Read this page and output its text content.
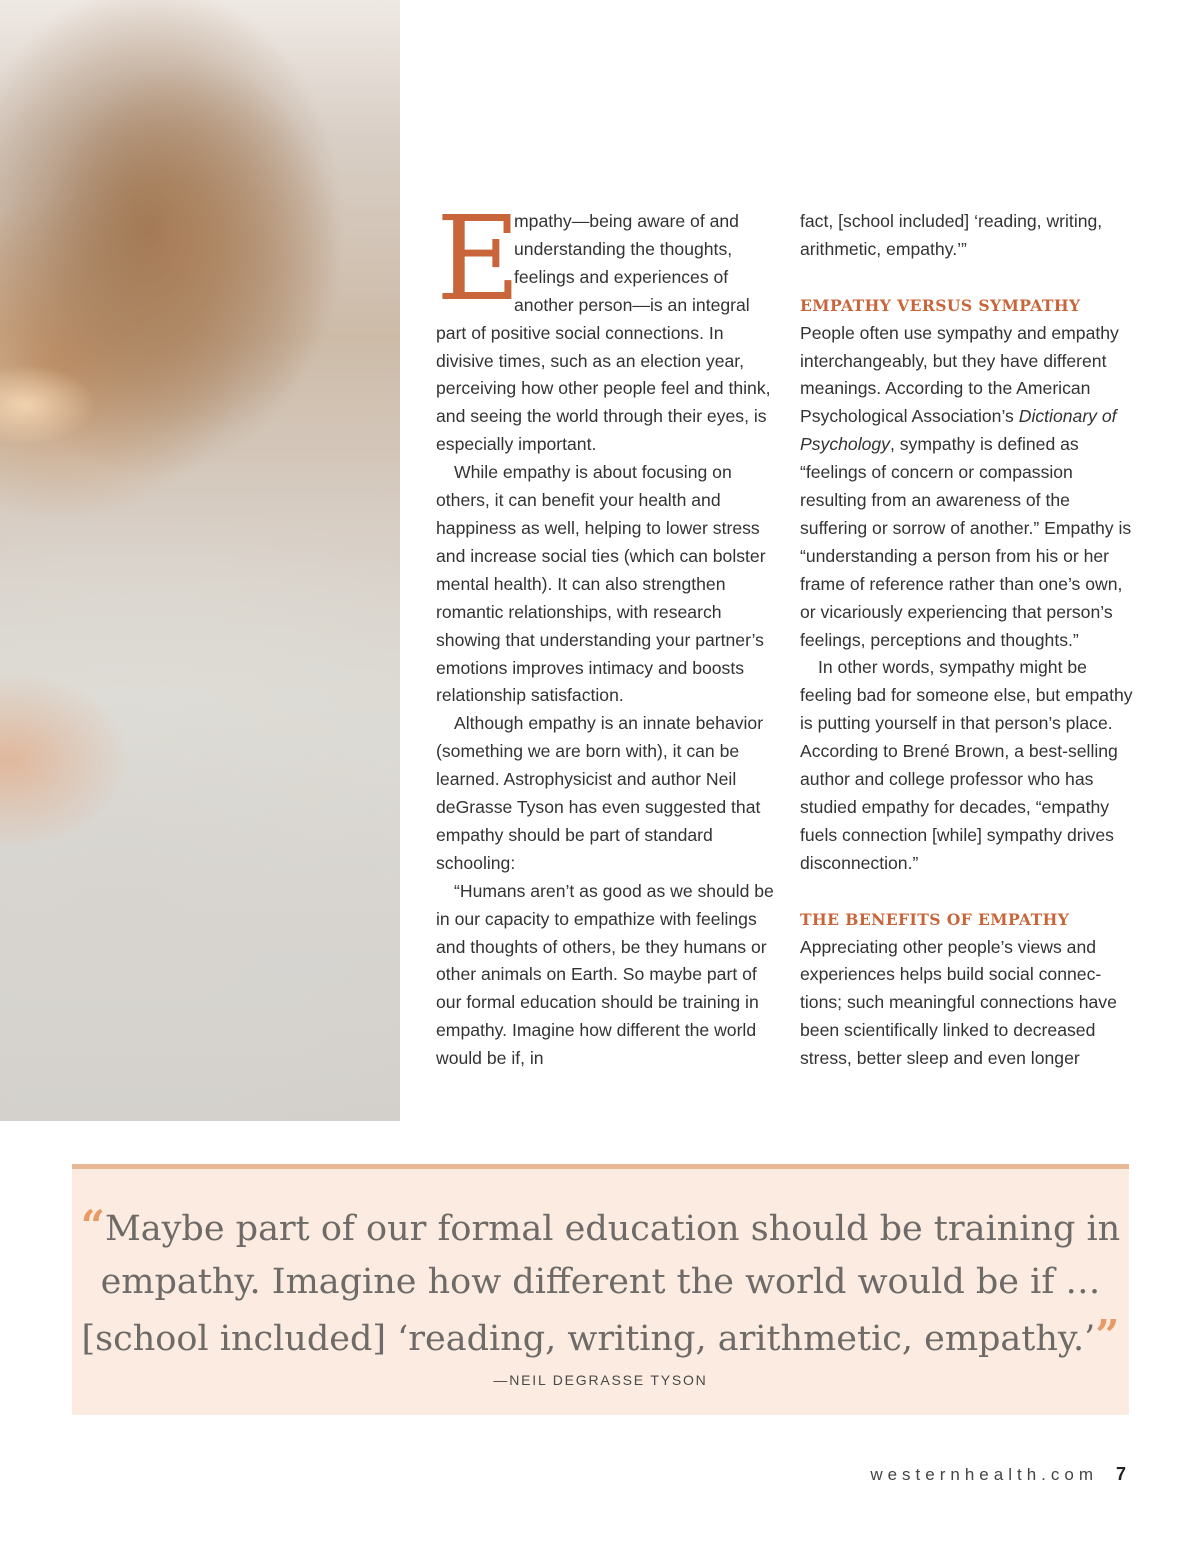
E
mpathy—being aware of and understanding the thoughts, feelings and experiences of another person—is an integral part of positive social connections. In divisive times, such as an election year, perceiving how other people feel and think, and seeing the world through their eyes, is especially important.

While empathy is about focusing on others, it can benefit your health and happiness as well, helping to lower stress and increase social ties (which can bolster mental health). It can also strengthen romantic relationships, with research showing that understanding your partner’s emotions improves intimacy and boosts relationship satisfaction.

Although empathy is an innate behavior (something we are born with), it can be learned. Astrophysicist and author Neil deGrasse Tyson has even suggested that empathy should be part of standard schooling:

“Humans aren’t as good as we should be in our capacity to empathize with feelings and thoughts of others, be they humans or other animals on Earth. So maybe part of our formal education should be training in empathy. Imagine how different the world would be if, in

fact, [school included] ‘reading, writing, arithmetic, empathy.’”

EMPATHY VERSUS SYMPATHY

People often use sympathy and empathy interchangeably, but they have different meanings. According to the American Psychological Association’s Dictionary of Psychology, sympathy is defined as “feelings of concern or compassion resulting from an awareness of the suffering or sorrow of another.” Empathy is “understanding a person from his or her frame of reference rather than one’s own, or vicariously experiencing that person’s feelings, perceptions and thoughts.”

In other words, sympathy might be feeling bad for someone else, but empathy is putting yourself in that person’s place. According to Brené Brown, a best-selling author and college professor who has studied empathy for decades, “empathy fuels connection [while] sympathy drives disconnection.”

THE BENEFITS OF EMPATHY

Appreciating other people’s views and experiences helps build social connec-tions; such meaningful connections have been scientifically linked to decreased stress, better sleep and even longer

“Maybe part of our formal education should be training in empathy. Imagine how different the world would be if … [school included] ‘reading, writing, arithmetic, empathy.’”
—NEIL DEGRASSE TYSON
westernhealth.com 7
